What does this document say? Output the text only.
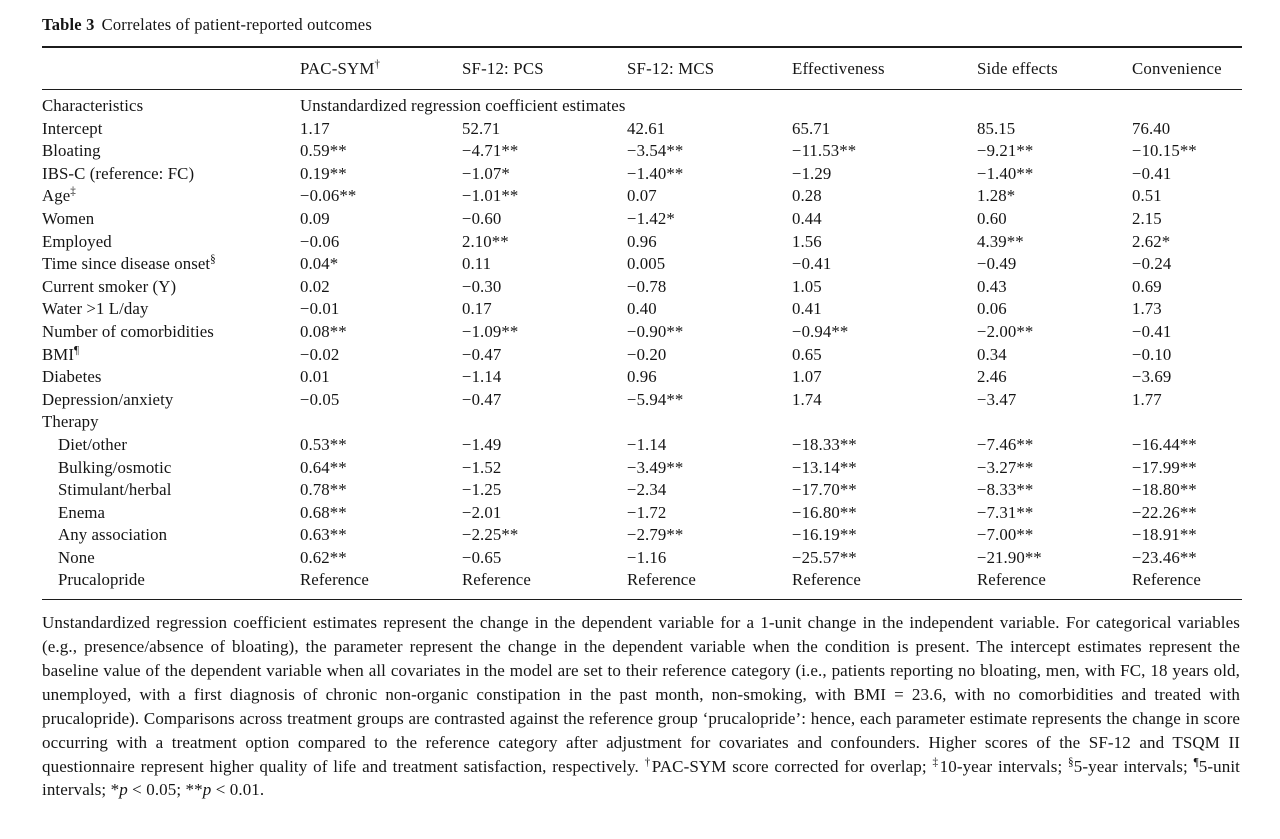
Table 3 Correlates of patient-reported outcomes

	PAC-SYM†	SF-12: PCS	SF-12: MCS	Effectiveness	Side effects	Convenience
Characteristics	Unstandardized regression coefficient estimates					
Intercept	1.17	52.71	42.61	65.71	85.15	76.40
Bloating	0.59**	−4.71**	−3.54**	−11.53**	−9.21**	−10.15**
IBS-C (reference: FC)	0.19**	−1.07*	−1.40**	−1.29	−1.40**	−0.41
Age‡	−0.06**	−1.01**	0.07	0.28	1.28*	0.51
Women	0.09	−0.60	−1.42*	0.44	0.60	2.15
Employed	−0.06	2.10**	0.96	1.56	4.39**	2.62*
Time since disease onset§	0.04*	0.11	0.005	−0.41	−0.49	−0.24
Current smoker (Y)	0.02	−0.30	−0.78	1.05	0.43	0.69
Water >1 L/day	−0.01	0.17	0.40	0.41	0.06	1.73
Number of comorbidities	0.08**	−1.09**	−0.90**	−0.94**	−2.00**	−0.41
BMI¶	−0.02	−0.47	−0.20	0.65	0.34	−0.10
Diabetes	0.01	−1.14	0.96	1.07	2.46	−3.69
Depression/anxiety	−0.05	−0.47	−5.94**	1.74	−3.47	1.77
Therapy						
Diet/other	0.53**	−1.49	−1.14	−18.33**	−7.46**	−16.44**
Bulking/osmotic	0.64**	−1.52	−3.49**	−13.14**	−3.27**	−17.99**
Stimulant/herbal	0.78**	−1.25	−2.34	−17.70**	−8.33**	−18.80**
Enema	0.68**	−2.01	−1.72	−16.80**	−7.31**	−22.26**
Any association	0.63**	−2.25**	−2.79**	−16.19**	−7.00**	−18.91**
None	0.62**	−0.65	−1.16	−25.57**	−21.90**	−23.46**
Prucalopride	Reference	Reference	Reference	Reference	Reference	Reference

Unstandardized regression coefficient estimates represent the change in the dependent variable for a 1-unit change in the independent variable. For categorical variables (e.g., presence/absence of bloating), the parameter represent the change in the dependent variable when the condition is present. The intercept estimates represent the baseline value of the dependent variable when all covariates in the model are set to their reference category (i.e., patients reporting no bloating, men, with FC, 18 years old, unemployed, with a first diagnosis of chronic non-organic constipation in the past month, non-smoking, with BMI = 23.6, with no comorbidities and treated with prucalopride). Comparisons across treatment groups are contrasted against the reference group ‘prucalopride’: hence, each parameter estimate represents the change in score occurring with a treatment option compared to the reference category after adjustment for covariates and confounders. Higher scores of the SF-12 and TSQM II questionnaire represent higher quality of life and treatment satisfaction, respectively. †PAC-SYM score corrected for overlap; ‡10-year intervals; §5-year intervals; ¶5-unit intervals; *p < 0.05; **p < 0.01.
